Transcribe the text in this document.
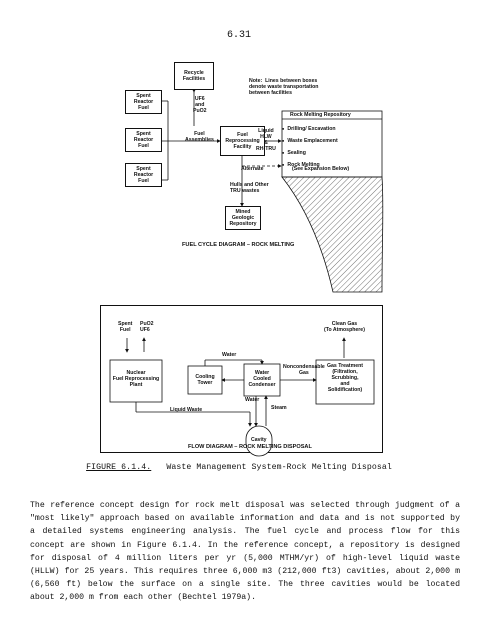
6.31
Recycle
Facilities	Note:  Lines between boxes
denote waste transportation
between facilities
UF6
and
PuO2
Spent
Reactor
Fuel
Spent
Reactor
Fuel
Spent
Reactor
Fuel
Fuel
Assemblies
Fuel
Reprocessing
Facility
Liquid
HLW
&
RH-TRU
Alternate
Hulls and Other
TRU wastes
Mined
Geologic
Repository
Rock Melting Repository
● Drilling/ Excavation
● Waste Emplacement
● Sealing
● Rock Melting
(See Expansion Below)
FUEL CYCLE DIAGRAM – ROCK MELTING
Spent
Fuel
PuO2
UF6
Clean Gas
(To Atmosphere)
Nuclear
Fuel Reprocessing
Plant
Water
Cooling
Tower
Water
Cooled
Condenser
Noncondensable
Gas
Gas Treatment
(Filtration,
Scrubbing,
and
Solidification)
Liquid Waste
Water
Steam
Cavity
FLOW DIAGRAM – ROCK MELTING DISPOSAL
FIGURE 6.1.4. Waste Management System-Rock Melting Disposal
The reference concept design for rock melt disposal was selected through judgment of a "most likely" approach based on available information and data and is not supported by a detailed systems engineering analysis. The fuel cycle and process flow for this concept are shown in Figure 6.1.4. In the reference concept, a repository is designed for disposal of 4 million liters per yr (5,000 MTHM/yr) of high-level liquid waste (HLLW) for 25 years. This requires three 6,000 m3 (212,000 ft3) cavities, about 2,000 m (6,560 ft) below the surface on a single site. The three cavities would be located about 2,000 m from each other (Bechtel 1979a).
